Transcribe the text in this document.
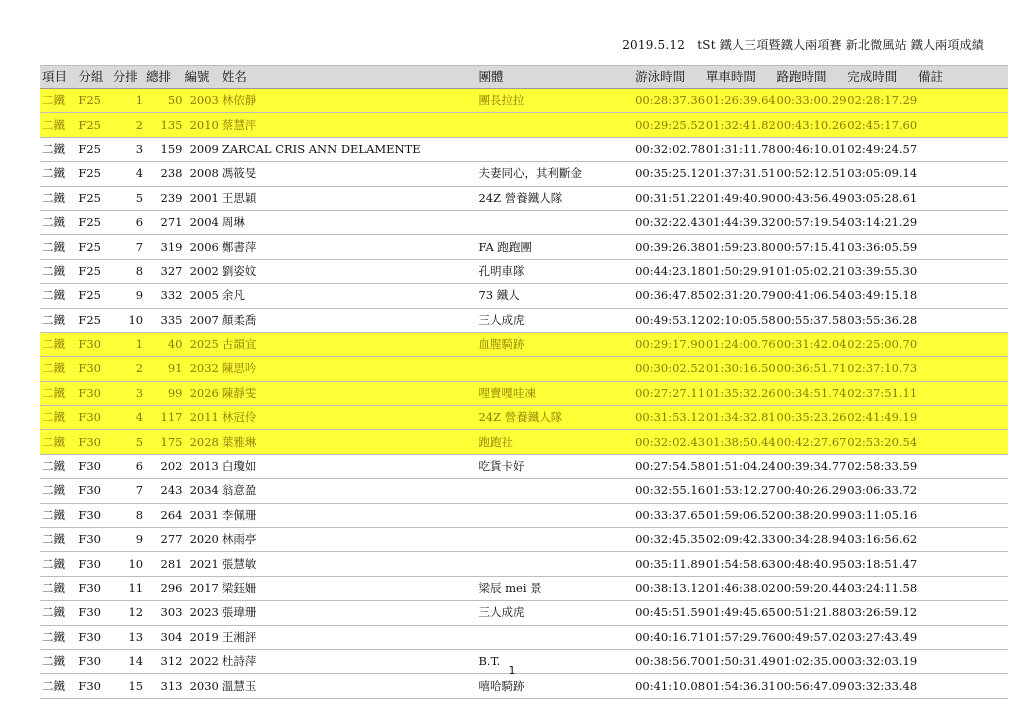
2019.5.12　tSt 鐵人三項暨鐵人兩項賽 新北微風站 鐵人兩項成績
項目	分組	分排	總排	編號	姓名	團體	游泳時間	單車時間	路跑時間	完成時間	備註
二鐵	F25	1	50	2003	林依靜	團長拉拉	00:28:37.36	01:26:39.64	00:33:00.29	02:28:17.29	
二鐵	F25	2	135	2010	蔡慧泙		00:29:25.52	01:32:41.82	00:43:10.26	02:45:17.60	
二鐵	F25	3	159	2009	ZARCAL CRIS ANN DELAMENTE		00:32:02.78	01:31:11.78	00:46:10.01	02:49:24.57	
二鐵	F25	4	238	2008	馮筱旻	夫妻同心，其利斷金	00:35:25.12	01:37:31.51	00:52:12.51	03:05:09.14	
二鐵	F25	5	239	2001	王思穎	24Z 營養鐵人隊	00:31:51.22	01:49:40.90	00:43:56.49	03:05:28.61	
二鐵	F25	6	271	2004	周琳		00:32:22.43	01:44:39.32	00:57:19.54	03:14:21.29	
二鐵	F25	7	319	2006	鄭書萍	FA 跑跑團	00:39:26.38	01:59:23.80	00:57:15.41	03:36:05.59	
二鐵	F25	8	327	2002	劉姿妏	孔明車隊	00:44:23.18	01:50:29.91	01:05:02.21	03:39:55.30	
二鐵	F25	9	332	2005	余凡	73 鐵人	00:36:47.85	02:31:20.79	00:41:06.54	03:49:15.18	
二鐵	F25	10	335	2007	顏柔喬	三人成虎	00:49:53.12	02:10:05.58	00:55:37.58	03:55:36.28	
二鐵	F30	1	40	2025	古韻宜	血腥騎跡	00:29:17.90	01:24:00.76	00:31:42.04	02:25:00.70	
二鐵	F30	2	91	2032	陳思吟		00:30:02.52	01:30:16.50	00:36:51.71	02:37:10.73	
二鐵	F30	3	99	2026	陳靜雯	哩賣嘎哇凍	00:27:27.11	01:35:32.26	00:34:51.74	02:37:51.11	
二鐵	F30	4	117	2011	林冠伶	24Z 營養鐵人隊	00:31:53.12	01:34:32.81	00:35:23.26	02:41:49.19	
二鐵	F30	5	175	2028	葉雅琳	跑跑社	00:32:02.43	01:38:50.44	00:42:27.67	02:53:20.54	
二鐵	F30	6	202	2013	白瓊如	吃貨卡好	00:27:54.58	01:51:04.24	00:39:34.77	02:58:33.59	
二鐵	F30	7	243	2034	翁意盈		00:32:55.16	01:53:12.27	00:40:26.29	03:06:33.72	
二鐵	F30	8	264	2031	李佩珊		00:33:37.65	01:59:06.52	00:38:20.99	03:11:05.16	
二鐵	F30	9	277	2020	林雨亭		00:32:45.35	02:09:42.33	00:34:28.94	03:16:56.62	
二鐵	F30	10	281	2021	張慧敏		00:35:11.89	01:54:58.63	00:48:40.95	03:18:51.47	
二鐵	F30	11	296	2017	梁鈺姍	梁辰 mei 景	00:38:13.12	01:46:38.02	00:59:20.44	03:24:11.58	
二鐵	F30	12	303	2023	張瑋珊	三人成虎	00:45:51.59	01:49:45.65	00:51:21.88	03:26:59.12	
二鐵	F30	13	304	2019	王湘評		00:40:16.71	01:57:29.76	00:49:57.02	03:27:43.49	
二鐵	F30	14	312	2022	杜詩萍	B.T.	00:38:56.70	01:50:31.49	01:02:35.00	03:32:03.19	
二鐵	F30	15	313	2030	溫慧玉	嘻哈騎跡	00:41:10.08	01:54:36.31	00:56:47.09	03:32:33.48	
1
